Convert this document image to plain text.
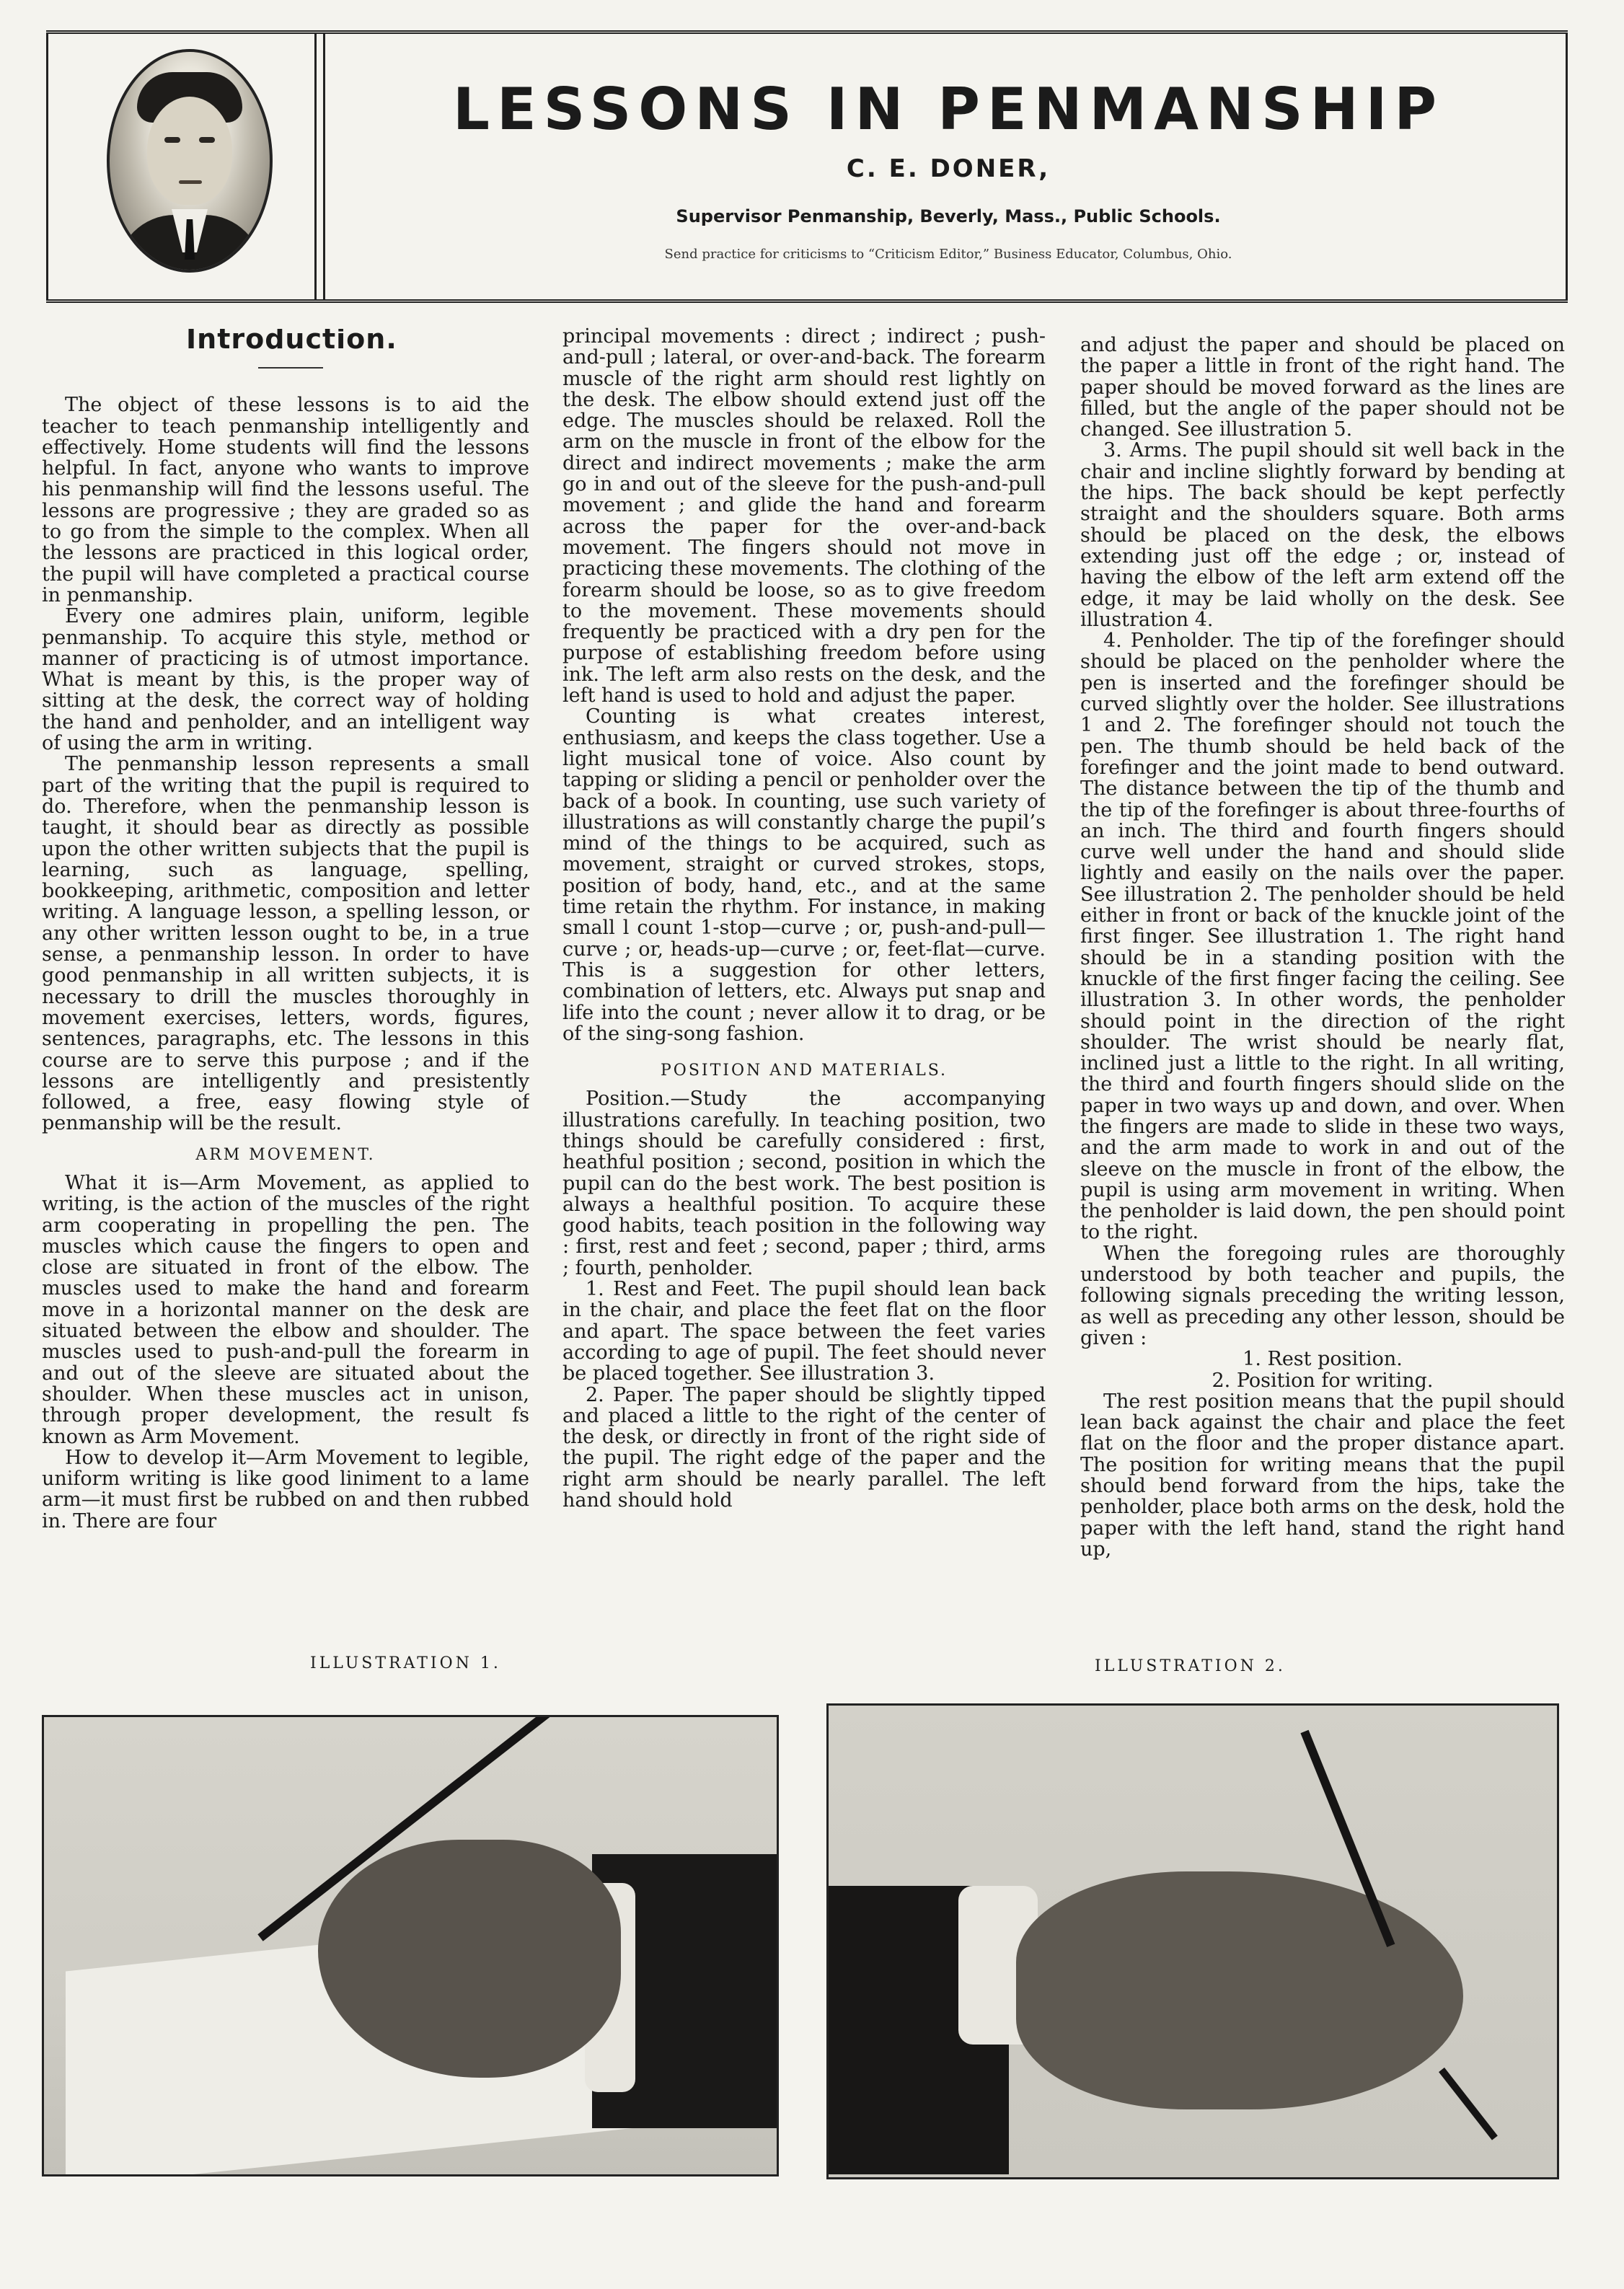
LESSONS IN PENMANSHIP
C. E. DONER,
Supervisor Penmanship, Beverly, Mass., Public Schools.
Send practice for criticisms to “Criticism Editor,” Business Educator, Columbus, Ohio.
Introduction.

The object of these lessons is to aid the teacher to teach penmanship intelligently and effectively. Home students will find the lessons helpful. In fact, anyone who wants to improve his penmanship will find the lessons useful. The lessons are progressive ; they are graded so as to go from the simple to the complex. When all the lessons are practiced in this logical order, the pupil will have completed a practical course in penmanship.

Every one admires plain, uniform, legible penmanship. To acquire this style, method or manner of practicing is of utmost importance. What is meant by this, is the proper way of sitting at the desk, the correct way of holding the hand and penholder, and an intelligent way of using the arm in writing.

The penmanship lesson represents a small part of the writing that the pupil is required to do. Therefore, when the penmanship lesson is taught, it should bear as directly as possible upon the other written subjects that the pupil is learning, such as language, spelling, bookkeeping, arithmetic, composition and letter writing. A language lesson, a spelling lesson, or any other written lesson ought to be, in a true sense, a penmanship lesson. In order to have good penmanship in all written subjects, it is necessary to drill the muscles thoroughly in movement exercises, letters, words, figures, sentences, paragraphs, etc. The lessons in this course are to serve this purpose ; and if the lessons are intelligently and presistently followed, a free, easy flowing style of penmanship will be the result.

ARM MOVEMENT.

What it is—Arm Movement, as applied to writing, is the action of the muscles of the right arm cooperating in propelling the pen. The muscles which cause the fingers to open and close are situated in front of the elbow. The muscles used to make the hand and forearm move in a horizontal manner on the desk are situated between the elbow and shoulder. The muscles used to push-and-pull the forearm in and out of the sleeve are situated about the shoulder. When these muscles act in unison, through proper development, the result fs known as Arm Movement.

How to develop it—Arm Movement to legible, uniform writing is like good liniment to a lame arm—it must first be rubbed on and then rubbed in. There are four

principal movements : direct ; indirect ; push-and-pull ; lateral, or over-and-back. The forearm muscle of the right arm should rest lightly on the desk. The elbow should extend just off the edge. The muscles should be relaxed. Roll the arm on the muscle in front of the elbow for the direct and indirect movements ; make the arm go in and out of the sleeve for the push-and-pull movement ; and glide the hand and forearm across the paper for the over-and-back movement. The fingers should not move in practicing these movements. The clothing of the forearm should be loose, so as to give freedom to the movement. These movements should frequently be practiced with a dry pen for the purpose of establishing freedom before using ink. The left arm also rests on the desk, and the left hand is used to hold and adjust the paper.

Counting is what creates interest, enthusiasm, and keeps the class together. Use a light musical tone of voice. Also count by tapping or sliding a pencil or penholder over the back of a book. In counting, use such variety of illustrations as will constantly charge the pupil’s mind of the things to be acquired, such as movement, straight or curved strokes, stops, position of body, hand, etc., and at the same time retain the rhythm. For instance, in making small l count 1-stop—curve ; or, push-and-pull—curve ; or, heads-up—curve ; or, feet-flat—curve. This is a suggestion for other letters, combination of letters, etc. Always put snap and life into the count ; never allow it to drag, or be of the sing-song fashion.

POSITION AND MATERIALS.

Position.—Study the accompanying illustrations carefully. In teaching position, two things should be carefully considered : first, heathful position ; second, position in which the pupil can do the best work. The best position is always a healthful position. To acquire these good habits, teach position in the following way : first, rest and feet ; second, paper ; third, arms ; fourth, penholder.

1. Rest and Feet. The pupil should lean back in the chair, and place the feet flat on the floor and apart. The space between the feet varies according to age of pupil. The feet should never be placed together. See illustration 3.

2. Paper. The paper should be slightly tipped and placed a little to the right of the center of the desk, or directly in front of the right side of the pupil. The right edge of the paper and the right arm should be nearly parallel. The left hand should hold

and adjust the paper and should be placed on the paper a little in front of the right hand. The paper should be moved forward as the lines are filled, but the angle of the paper should not be changed. See illustration 5.

3. Arms. The pupil should sit well back in the chair and incline slightly forward by bending at the hips. The back should be kept perfectly straight and the shoulders square. Both arms should be placed on the desk, the elbows extending just off the edge ; or, instead of having the elbow of the left arm extend off the edge, it may be laid wholly on the desk. See illustration 4.

4. Penholder. The tip of the forefinger should should be placed on the penholder where the pen is inserted and the forefinger should be curved slightly over the holder. See illustrations 1 and 2. The forefinger should not touch the pen. The thumb should be held back of the forefinger and the joint made to bend outward. The distance between the tip of the thumb and the tip of the forefinger is about three-fourths of an inch. The third and fourth fingers should curve well under the hand and should slide lightly and easily on the nails over the paper. See illustration 2. The penholder should be held either in front or back of the knuckle joint of the first finger. See illustration 1. The right hand should be in a standing position with the knuckle of the first finger facing the ceiling. See illustration 3. In other words, the penholder should point in the direction of the right shoulder. The wrist should be nearly flat, inclined just a little to the right. In all writing, the third and fourth fingers should slide on the paper in two ways up and down, and over. When the fingers are made to slide in these two ways, and the arm made to work in and out of the sleeve on the muscle in front of the elbow, the pupil is using arm movement in writing. When the penholder is laid down, the pen should point to the right.

When the foregoing rules are thoroughly understood by both teacher and pupils, the following signals preceding the writing lesson, as well as preceding any other lesson, should be given :

1. Rest position.

2. Position for writing.

The rest position means that the pupil should lean back against the chair and place the feet flat on the floor and the proper distance apart. The position for writing means that the pupil should bend forward from the hips, take the penholder, place both arms on the desk, hold the paper with the left hand, stand the right hand up,

ILLUSTRATION 1.	ILLUSTRATION 2.
